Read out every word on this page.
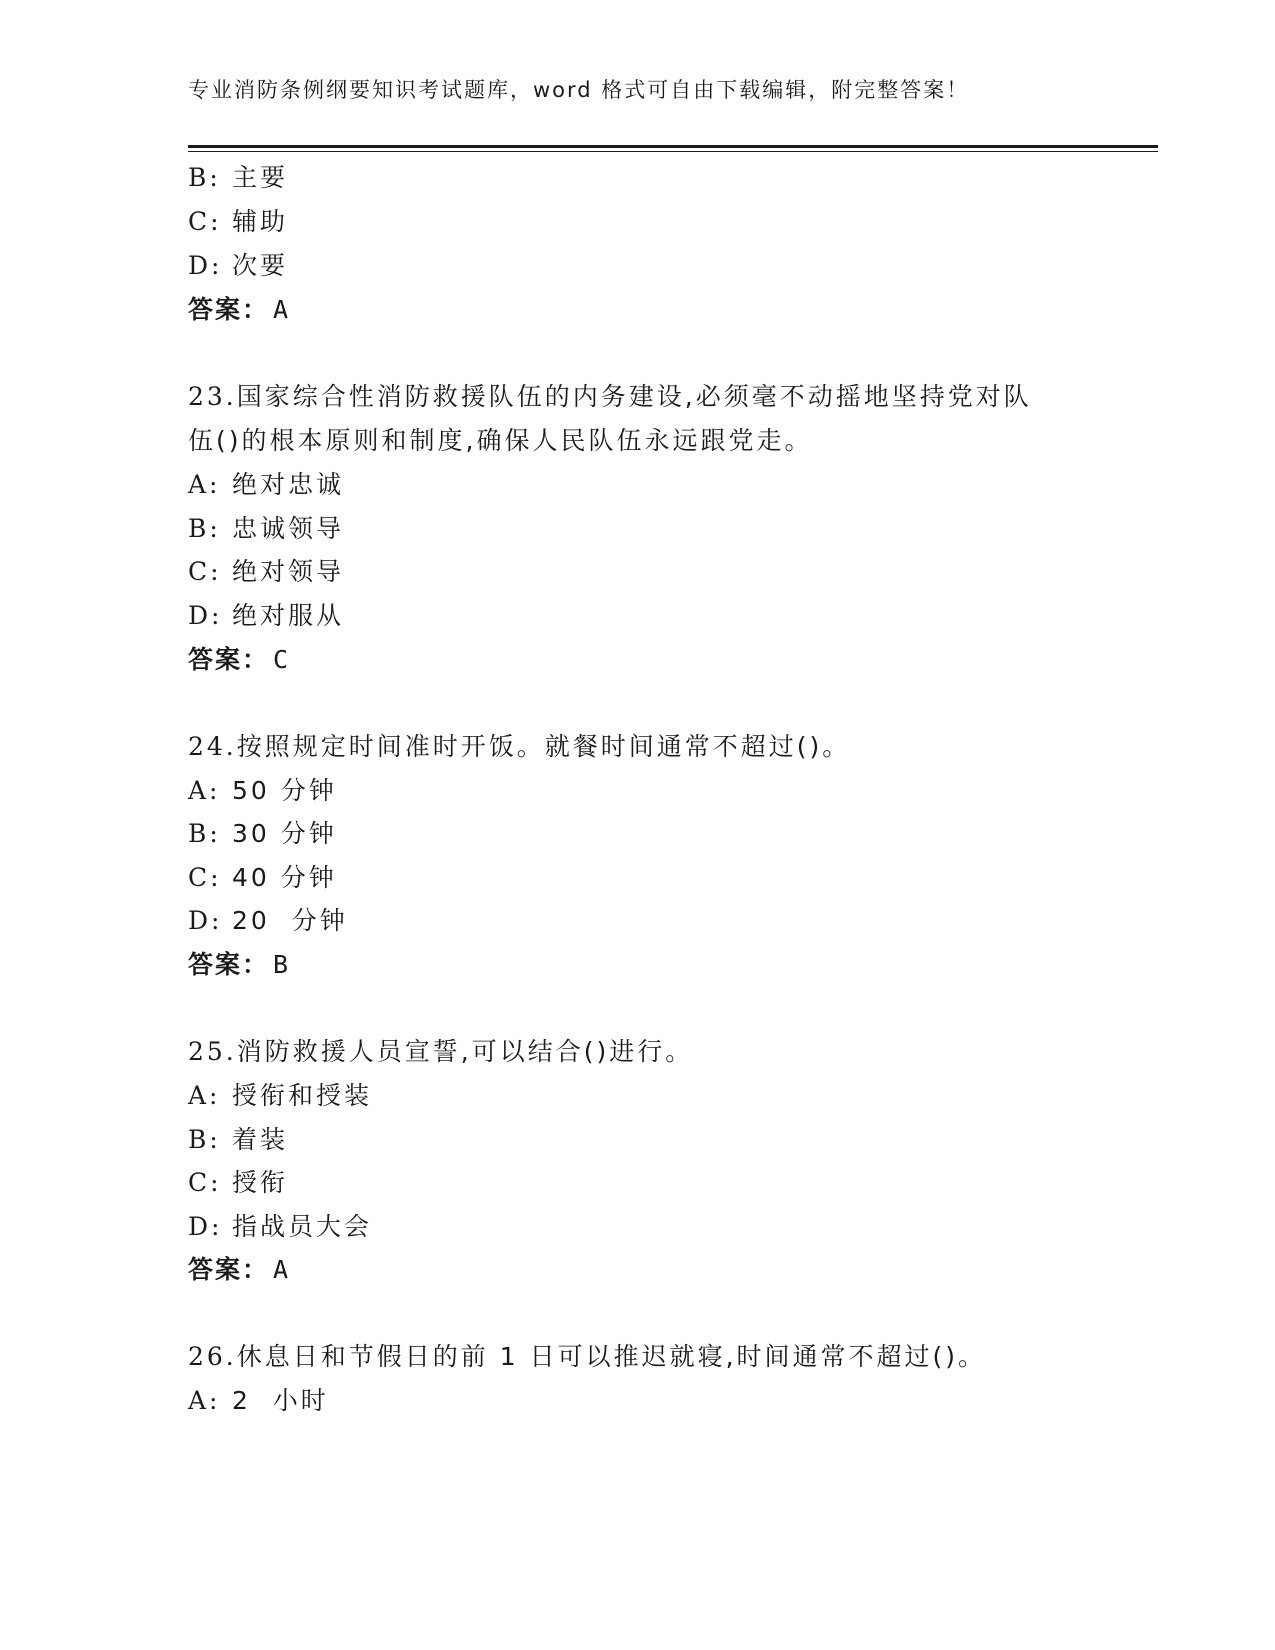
专业消防条例纲要知识考试题库，word 格式可自由下载编辑，附完整答案！
B: 主要
C: 辅助
D: 次要
答案： A
23.国家综合性消防救援队伍的内务建设,必须毫不动摇地坚持党对队
伍()的根本原则和制度,确保人民队伍永远跟党走。
A: 绝对忠诚
B: 忠诚领导
C: 绝对领导
D: 绝对服从
答案： C
24.按照规定时间准时开饭。就餐时间通常不超过()。
A: 50 分钟
B: 30 分钟
C: 40 分钟
D: 20  分钟
答案： B
25.消防救援人员宣誓,可以结合()进行。
A: 授衔和授装
B: 着装
C: 授衔
D: 指战员大会
答案： A
26.休息日和节假日的前 1 日可以推迟就寝,时间通常不超过()。
A: 2  小时
